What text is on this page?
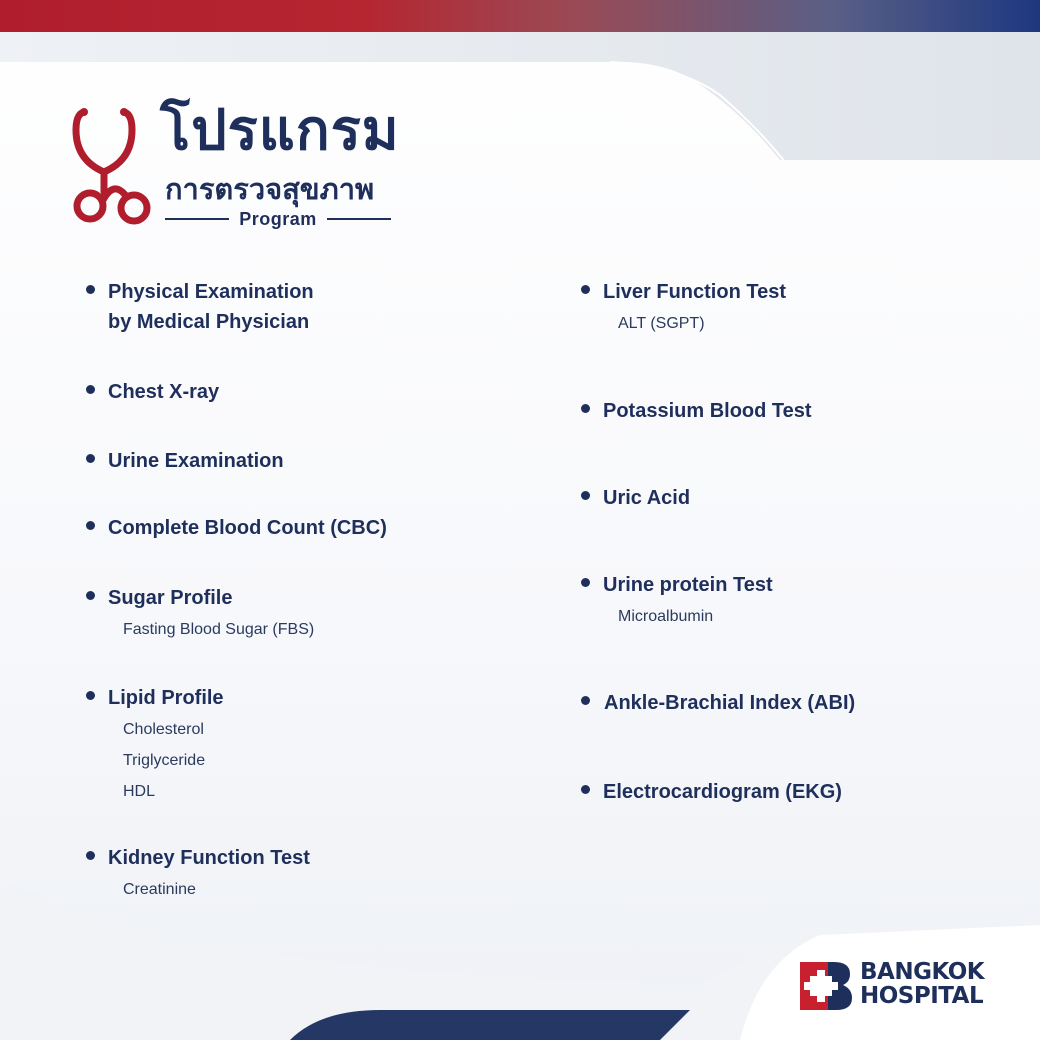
โปรแกรม
การตรวจสุขภาพ
Program
Physical Examination
by Medical Physician
Chest X-ray
Urine Examination
Complete Blood Count (CBC)
Sugar Profile
Fasting Blood Sugar (FBS)
Lipid Profile
Cholesterol
Triglyceride
HDL
Kidney Function Test
Creatinine
Liver Function Test
ALT (SGPT)
Potassium Blood Test
Uric Acid
Urine protein Test
Microalbumin
Ankle-Brachial Index (ABI)
Electrocardiogram (EKG)
BANGKOK
HOSPITAL
